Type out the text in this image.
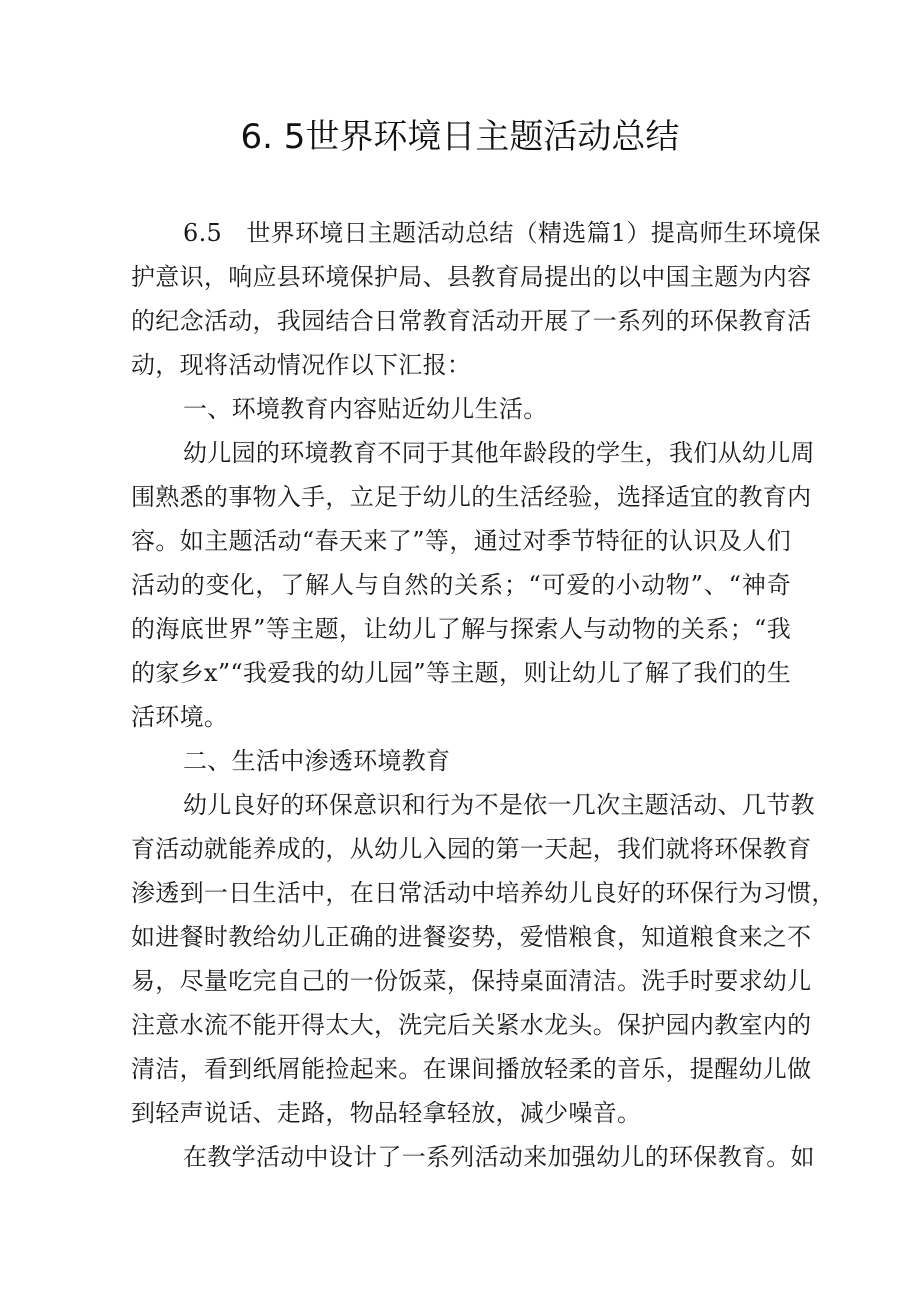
6. 5世界环境日主题活动总结
6.5　世界环境日主题活动总结（精选篇1）提高师生环境保
护意识，响应县环境保护局、县教育局提出的以中国主题为内容
的纪念活动，我园结合日常教育活动开展了一系列的环保教育活
动，现将活动情况作以下汇报：
一、环境教育内容贴近幼儿生活。
幼儿园的环境教育不同于其他年龄段的学生，我们从幼儿周
围熟悉的事物入手，立足于幼儿的生活经验，选择适宜的教育内
容。如主题活动“春天来了”等，通过对季节特征的认识及人们
活动的变化，了解人与自然的关系；“可爱的小动物”、“神奇
的海底世界”等主题，让幼儿了解与探索人与动物的关系；“我
的家乡x”“我爱我的幼儿园”等主题，则让幼儿了解了我们的生
活环境。
二、生活中渗透环境教育
幼儿良好的环保意识和行为不是依一几次主题活动、几节教
育活动就能养成的，从幼儿入园的第一天起，我们就将环保教育
渗透到一日生活中，在日常活动中培养幼儿良好的环保行为习惯，
如进餐时教给幼儿正确的进餐姿势，爱惜粮食，知道粮食来之不
易，尽量吃完自己的一份饭菜，保持桌面清洁。洗手时要求幼儿
注意水流不能开得太大，洗完后关紧水龙头。保护园内教室内的
清洁，看到纸屑能捡起来。在课间播放轻柔的音乐，提醒幼儿做
到轻声说话、走路，物品轻拿轻放，减少噪音。
在教学活动中设计了一系列活动来加强幼儿的环保教育。如
